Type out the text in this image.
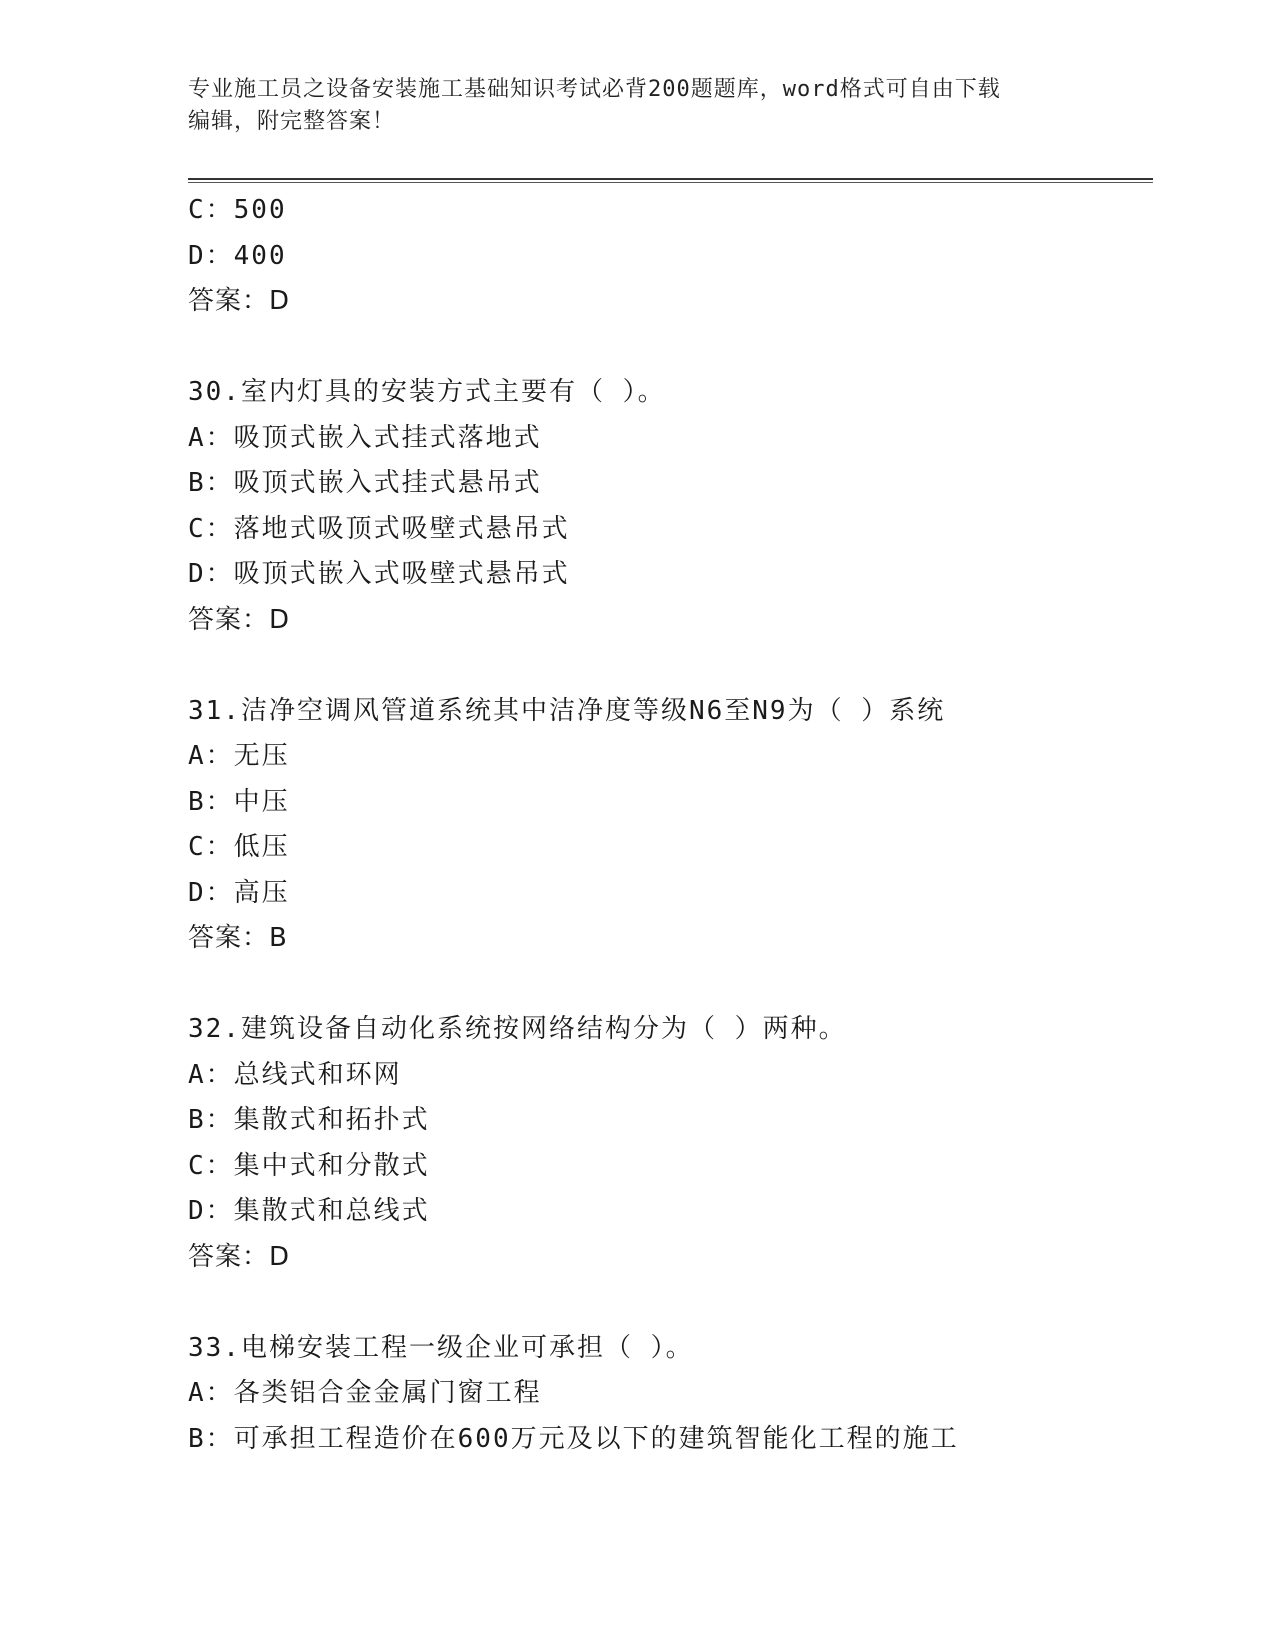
专业施工员之设备安装施工基础知识考试必背200题题库，word格式可自由下载
编辑，附完整答案！
C：500
D：400
答案：D
30.室内灯具的安装方式主要有（ ）。
A：吸顶式嵌入式挂式落地式
B：吸顶式嵌入式挂式悬吊式
C：落地式吸顶式吸壁式悬吊式
D：吸顶式嵌入式吸壁式悬吊式
答案：D
31.洁净空调风管道系统其中洁净度等级N6至N9为（ ）系统
A：无压
B：中压
C：低压
D：高压
答案：B
32.建筑设备自动化系统按网络结构分为（ ）两种。
A：总线式和环网
B：集散式和拓扑式
C：集中式和分散式
D：集散式和总线式
答案：D
33.电梯安装工程一级企业可承担（ ）。
A：各类铝合金金属门窗工程
B：可承担工程造价在600万元及以下的建筑智能化工程的施工
